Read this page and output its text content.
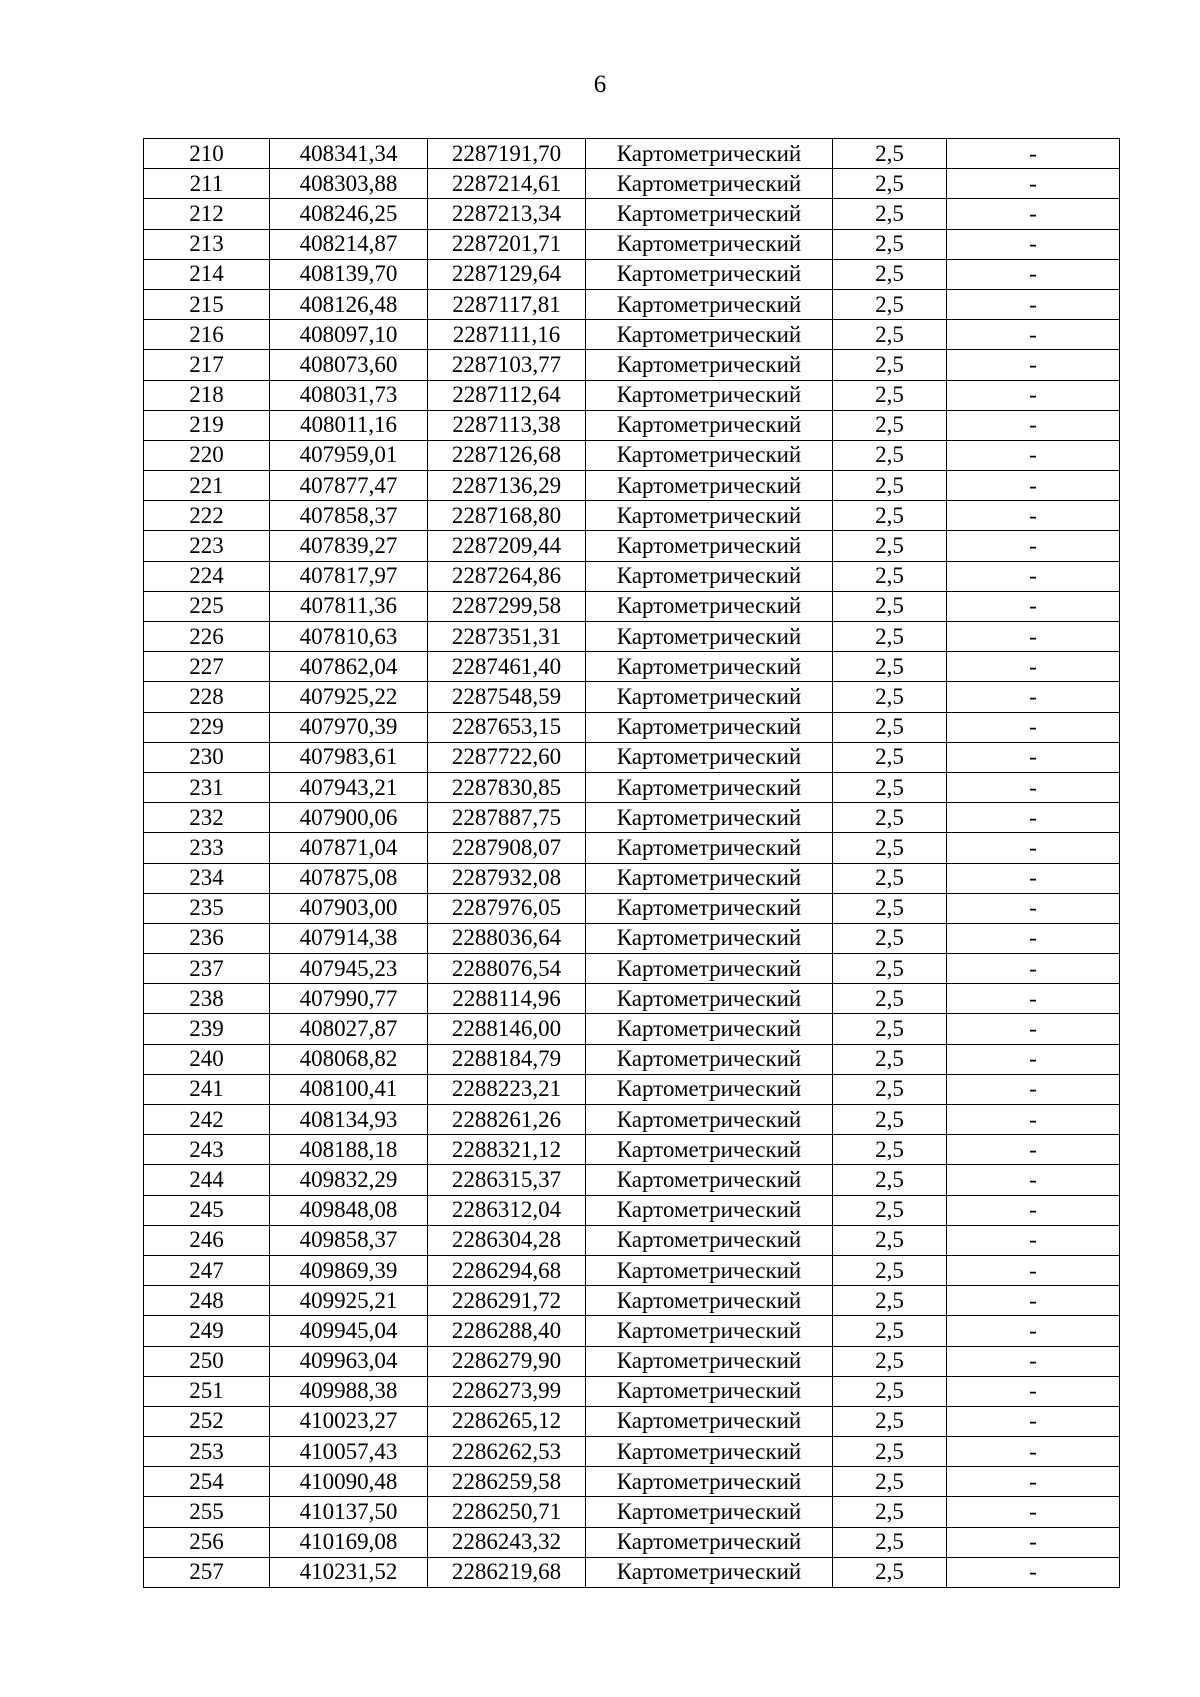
6
210	408341,34	2287191,70	Картометрический	2,5	-
211	408303,88	2287214,61	Картометрический	2,5	-
212	408246,25	2287213,34	Картометрический	2,5	-
213	408214,87	2287201,71	Картометрический	2,5	-
214	408139,70	2287129,64	Картометрический	2,5	-
215	408126,48	2287117,81	Картометрический	2,5	-
216	408097,10	2287111,16	Картометрический	2,5	-
217	408073,60	2287103,77	Картометрический	2,5	-
218	408031,73	2287112,64	Картометрический	2,5	-
219	408011,16	2287113,38	Картометрический	2,5	-
220	407959,01	2287126,68	Картометрический	2,5	-
221	407877,47	2287136,29	Картометрический	2,5	-
222	407858,37	2287168,80	Картометрический	2,5	-
223	407839,27	2287209,44	Картометрический	2,5	-
224	407817,97	2287264,86	Картометрический	2,5	-
225	407811,36	2287299,58	Картометрический	2,5	-
226	407810,63	2287351,31	Картометрический	2,5	-
227	407862,04	2287461,40	Картометрический	2,5	-
228	407925,22	2287548,59	Картометрический	2,5	-
229	407970,39	2287653,15	Картометрический	2,5	-
230	407983,61	2287722,60	Картометрический	2,5	-
231	407943,21	2287830,85	Картометрический	2,5	-
232	407900,06	2287887,75	Картометрический	2,5	-
233	407871,04	2287908,07	Картометрический	2,5	-
234	407875,08	2287932,08	Картометрический	2,5	-
235	407903,00	2287976,05	Картометрический	2,5	-
236	407914,38	2288036,64	Картометрический	2,5	-
237	407945,23	2288076,54	Картометрический	2,5	-
238	407990,77	2288114,96	Картометрический	2,5	-
239	408027,87	2288146,00	Картометрический	2,5	-
240	408068,82	2288184,79	Картометрический	2,5	-
241	408100,41	2288223,21	Картометрический	2,5	-
242	408134,93	2288261,26	Картометрический	2,5	-
243	408188,18	2288321,12	Картометрический	2,5	-
244	409832,29	2286315,37	Картометрический	2,5	-
245	409848,08	2286312,04	Картометрический	2,5	-
246	409858,37	2286304,28	Картометрический	2,5	-
247	409869,39	2286294,68	Картометрический	2,5	-
248	409925,21	2286291,72	Картометрический	2,5	-
249	409945,04	2286288,40	Картометрический	2,5	-
250	409963,04	2286279,90	Картометрический	2,5	-
251	409988,38	2286273,99	Картометрический	2,5	-
252	410023,27	2286265,12	Картометрический	2,5	-
253	410057,43	2286262,53	Картометрический	2,5	-
254	410090,48	2286259,58	Картометрический	2,5	-
255	410137,50	2286250,71	Картометрический	2,5	-
256	410169,08	2286243,32	Картометрический	2,5	-
257	410231,52	2286219,68	Картометрический	2,5	-
